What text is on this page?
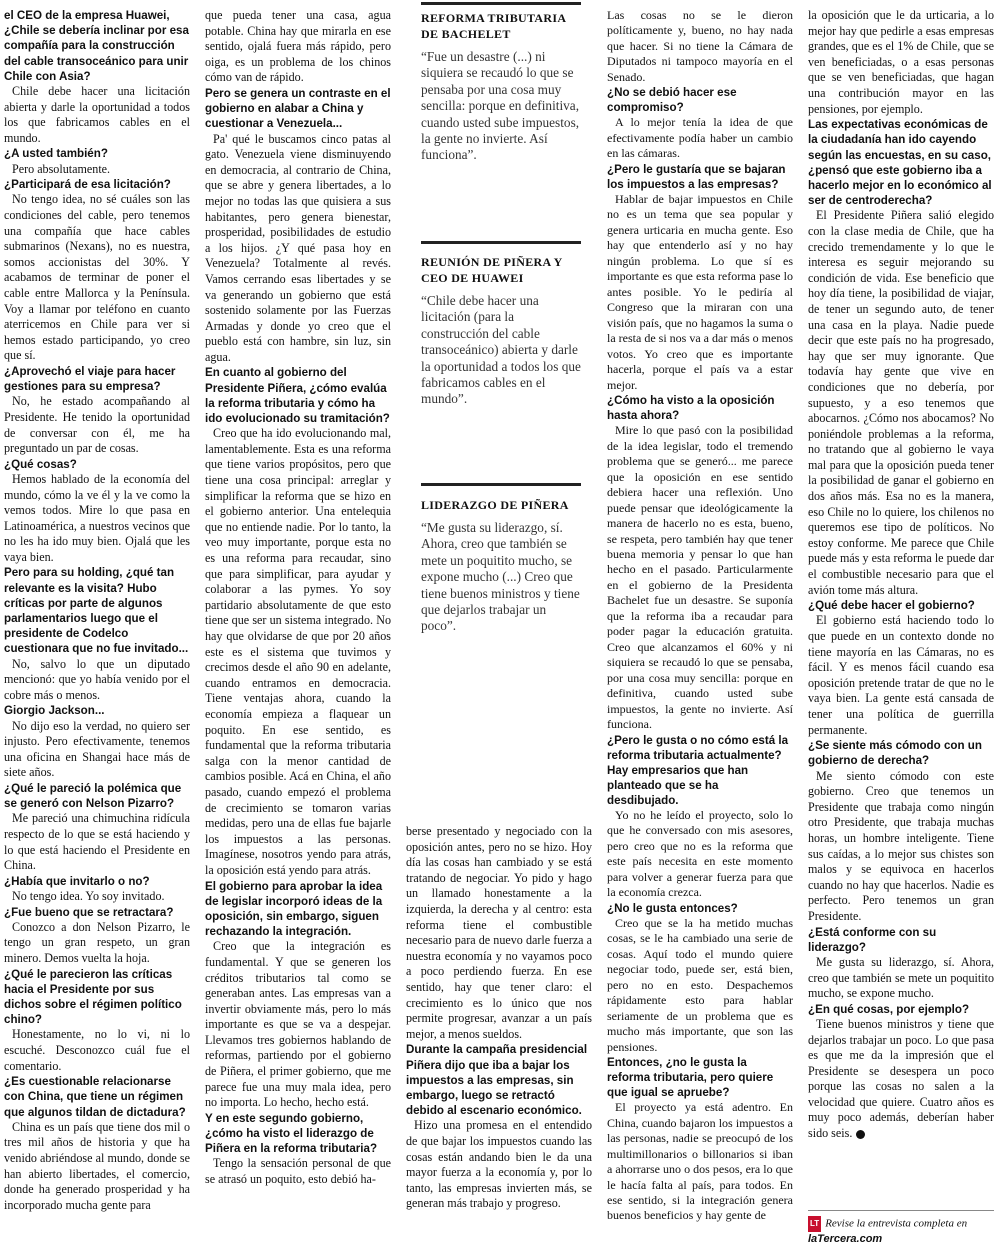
el CEO de la empresa Huawei, ¿Chile se debería inclinar por esa compañía para la construcción del cable transoceánico para unir Chile con Asia?

Chile debe hacer una licitación abierta y darle la oportunidad a todos los que fabricamos cables en el mundo.

¿A usted también?

Pero absolutamente.

¿Participará de esa licitación?

No tengo idea, no sé cuáles son las condiciones del cable, pero tenemos una compañía que hace cables submarinos (Nexans), no es nuestra, somos accionistas del 30%. Y acabamos de terminar de poner el cable entre Mallorca y la Península. Voy a llamar por teléfono en cuanto aterricemos en Chile para ver si hemos estado participando, yo creo que sí.

¿Aprovechó el viaje para hacer gestiones para su empresa?

No, he estado acompañando al Presidente. He tenido la oportunidad de conversar con él, me ha preguntado un par de cosas.

¿Qué cosas?

Hemos hablado de la economía del mundo, cómo la ve él y la ve como la vemos todos. Mire lo que pasa en Latinoamérica, a nuestros vecinos que no les ha ido muy bien. Ojalá que les vaya bien.

Pero para su holding, ¿qué tan relevante es la visita? Hubo críticas por parte de algunos parlamentarios luego que el presidente de Codelco cuestionara que no fue invitado...

No, salvo lo que un diputado mencionó: que yo había venido por el cobre más o menos.

Giorgio Jackson...

No dijo eso la verdad, no quiero ser injusto. Pero efectivamente, tenemos una oficina en Shangai hace más de siete años.

¿Qué le pareció la polémica que se generó con Nelson Pizarro?

Me pareció una chimuchina ridícula respecto de lo que se está haciendo y lo que está haciendo el Presidente en China.

¿Había que invitarlo o no?

No tengo idea. Yo soy invitado.

¿Fue bueno que se retractara?

Conozco a don Nelson Pizarro, le tengo un gran respeto, un gran minero. Demos vuelta la hoja.

¿Qué le parecieron las críticas hacia el Presidente por sus dichos sobre el régimen político chino?

Honestamente, no lo vi, ni lo escuché. Desconozco cuál fue el comentario.

¿Es cuestionable relacionarse con China, que tiene un régimen que algunos tildan de dictadura?

China es un país que tiene dos mil o tres mil años de historia y que ha venido abriéndose al mundo, donde se han abierto libertades, el comercio, donde ha generado prosperidad y ha incorporado mucha gente para

que pueda tener una casa, agua potable. China hay que mirarla en ese sentido, ojalá fuera más rápido, pero oiga, es un problema de los chinos cómo van de rápido.

Pero se genera un contraste en el gobierno en alabar a China y cuestionar a Venezuela...

Pa' qué le buscamos cinco patas al gato. Venezuela viene disminuyendo en democracia, al contrario de China, que se abre y genera libertades, a lo mejor no todas las que quisiera a sus habitantes, pero genera bienestar, prosperidad, posibilidades de estudio a los hijos. ¿Y qué pasa hoy en Venezuela? Totalmente al revés. Vamos cerrando esas libertades y se va generando un gobierno que está sostenido solamente por las Fuerzas Armadas y donde yo creo que el pueblo está con hambre, sin luz, sin agua.

En cuanto al gobierno del Presidente Piñera, ¿cómo evalúa la reforma tributaria y cómo ha ido evolucionado su tramitación?

Creo que ha ido evolucionando mal, lamentablemente. Esta es una reforma que tiene varios propósitos, pero que tiene una cosa principal: arreglar y simplificar la reforma que se hizo en el gobierno anterior. Una entelequia que no entiende nadie. Por lo tanto, la veo muy importante, porque esta no es una reforma para recaudar, sino que para simplificar, para ayudar y colaborar a las pymes. Yo soy partidario absolutamente de que esto tiene que ser un sistema integrado. No hay que olvidarse de que por 20 años este es el sistema que tuvimos y crecimos desde el año 90 en adelante, cuando entramos en democracia. Tiene ventajas ahora, cuando la economía empieza a flaquear un poquito. En ese sentido, es fundamental que la reforma tributaria salga con la menor cantidad de cambios posible. Acá en China, el año pasado, cuando empezó el problema de crecimiento se tomaron varias medidas, pero una de ellas fue bajarle los impuestos a las personas. Imagínese, nosotros yendo para atrás, la oposición está yendo para atrás.

El gobierno para aprobar la idea de legislar incorporó ideas de la oposición, sin embargo, siguen rechazando la integración.

Creo que la integración es fundamental. Y que se generen los créditos tributarios tal como se generaban antes. Las empresas van a invertir obviamente más, pero lo más importante es que se va a despejar. Llevamos tres gobiernos hablando de reformas, partiendo por el gobierno de Piñera, el primer gobierno, que me parece fue una muy mala idea, pero no importa. Lo hecho, hecho está.

Y en este segundo gobierno, ¿cómo ha visto el liderazgo de Piñera en la reforma tributaria?

Tengo la sensación personal de que se atrasó un poquito, esto debió ha-

REFORMA TRIBUTARIA DE BACHELET
“Fue un desastre (...) ni siquiera se recaudó lo que se pensaba por una cosa muy sencilla: porque en definitiva, cuando usted sube impuestos, la gente no invierte. Así funciona”.
REUNIÓN DE PIÑERA Y CEO DE HUAWEI
“Chile debe hacer una licitación (para la construcción del cable transoceánico) abierta y darle la oportunidad a todos los que fabricamos cables en el mundo”.
LIDERAZGO DE PIÑERA
“Me gusta su liderazgo, sí. Ahora, creo que también se mete un poquitito mucho, se expone mucho (...) Creo que tiene buenos ministros y tiene que dejarlos trabajar un poco”.

berse presentado y negociado con la oposición antes, pero no se hizo. Hoy día las cosas han cambiado y se está tratando de negociar. Yo pido y hago un llamado honestamente a la izquierda, la derecha y al centro: esta reforma tiene el combustible necesario para de nuevo darle fuerza a nuestra economía y no vayamos poco a poco perdiendo fuerza. En ese sentido, hay que tener claro: el crecimiento es lo único que nos permite progresar, avanzar a un país mejor, a menos sueldos.

Durante la campaña presidencial Piñera dijo que iba a bajar los impuestos a las empresas, sin embargo, luego se retractó debido al escenario económico.

Hizo una promesa en el entendido de que bajar los impuestos cuando las cosas están andando bien le da una mayor fuerza a la economía y, por lo tanto, las empresas invierten más, se generan más trabajo y progreso.

Las cosas no se le dieron políticamente y, bueno, no hay nada que hacer. Si no tiene la Cámara de Diputados ni tampoco mayoría en el Senado.

¿No se debió hacer ese compromiso?

A lo mejor tenía la idea de que efectivamente podía haber un cambio en las cámaras.

¿Pero le gustaría que se bajaran los impuestos a las empresas?

Hablar de bajar impuestos en Chile no es un tema que sea popular y genera urticaria en mucha gente. Eso hay que entenderlo así y no hay ningún problema. Lo que sí es importante es que esta reforma pase lo antes posible. Yo le pediría al Congreso que la miraran con una visión país, que no hagamos la suma o la resta de si nos va a dar más o menos votos. Yo creo que es importante hacerla, porque el país va a estar mejor.

¿Cómo ha visto a la oposición hasta ahora?

Mire lo que pasó con la posibilidad de la idea legislar, todo el tremendo problema que se generó... me parece que la oposición en ese sentido debiera hacer una reflexión. Uno puede pensar que ideológicamente la manera de hacerlo no es esta, bueno, se respeta, pero también hay que tener buena memoria y pensar lo que han hecho en el pasado. Particularmente en el gobierno de la Presidenta Bachelet fue un desastre. Se suponía que la reforma iba a recaudar para poder pagar la educación gratuita. Creo que alcanzamos el 60% y ni siquiera se recaudó lo que se pensaba, por una cosa muy sencilla: porque en definitiva, cuando usted sube impuestos, la gente no invierte. Así funciona.

¿Pero le gusta o no cómo está la reforma tributaria actualmente? Hay empresarios que han planteado que se ha desdibujado.

Yo no he leído el proyecto, solo lo que he conversado con mis asesores, pero creo que no es la reforma que este país necesita en este momento para volver a generar fuerza para que la economía crezca.

¿No le gusta entonces?

Creo que se la ha metido muchas cosas, se le ha cambiado una serie de cosas. Aquí todo el mundo quiere negociar todo, puede ser, está bien, pero no en esto. Despachemos rápidamente esto para hablar seriamente de un problema que es mucho más importante, que son las pensiones.

Entonces, ¿no le gusta la reforma tributaria, pero quiere que igual se apruebe?

El proyecto ya está adentro. En China, cuando bajaron los impuestos a las personas, nadie se preocupó de los multimillonarios o billonarios si iban a ahorrarse uno o dos pesos, era lo que le hacía falta al país, para todos. En ese sentido, si la integración genera buenos beneficios y hay gente de

la oposición que le da urticaria, a lo mejor hay que pedirle a esas empresas grandes, que es el 1% de Chile, que se ven beneficiadas, o a esas personas que se ven beneficiadas, que hagan una contribución mayor en las pensiones, por ejemplo.

Las expectativas económicas de la ciudadanía han ido cayendo según las encuestas, en su caso, ¿pensó que este gobierno iba a hacerlo mejor en lo económico al ser de centroderecha?

El Presidente Piñera salió elegido con la clase media de Chile, que ha crecido tremendamente y lo que le interesa es seguir mejorando su condición de vida. Ese beneficio que hoy día tiene, la posibilidad de viajar, de tener un segundo auto, de tener una casa en la playa. Nadie puede decir que este país no ha progresado, hay que ser muy ignorante. Que todavía hay gente que vive en condiciones que no debería, por supuesto, y a eso tenemos que abocarnos. ¿Cómo nos abocamos? No poniéndole problemas a la reforma, no tratando que al gobierno le vaya mal para que la oposición pueda tener la posibilidad de ganar el gobierno en dos años más. Esa no es la manera, eso Chile no lo quiere, los chilenos no queremos ese tipo de políticos. No estoy conforme. Me parece que Chile puede más y esta reforma le puede dar el combustible necesario para que el avión tome más altura.

¿Qué debe hacer el gobierno?

El gobierno está haciendo todo lo que puede en un contexto donde no tiene mayoría en las Cámaras, no es fácil. Y es menos fácil cuando esa oposición pretende tratar de que no le vaya bien. La gente está cansada de tener una política de guerrilla permanente.

¿Se siente más cómodo con un gobierno de derecha?

Me siento cómodo con este gobierno. Creo que tenemos un Presidente que trabaja como ningún otro Presidente, que trabaja muchas horas, un hombre inteligente. Tiene sus caídas, a lo mejor sus chistes son malos y se equivoca en hacerlos cuando no hay que hacerlos. Nadie es perfecto. Pero tenemos un gran Presidente.

¿Está conforme con su liderazgo?

Me gusta su liderazgo, sí. Ahora, creo que también se mete un poquitito mucho, se expone mucho.

¿En qué cosas, por ejemplo?

Tiene buenos ministros y tiene que dejarlos trabajar un poco. Lo que pasa es que me da la impresión que el Presidente se desespera un poco porque las cosas no salen a la velocidad que quiere. Cuatro años es muy poco además, deberían haber sido seis.

LT Revise la entrevista completa en
laTercera.com
